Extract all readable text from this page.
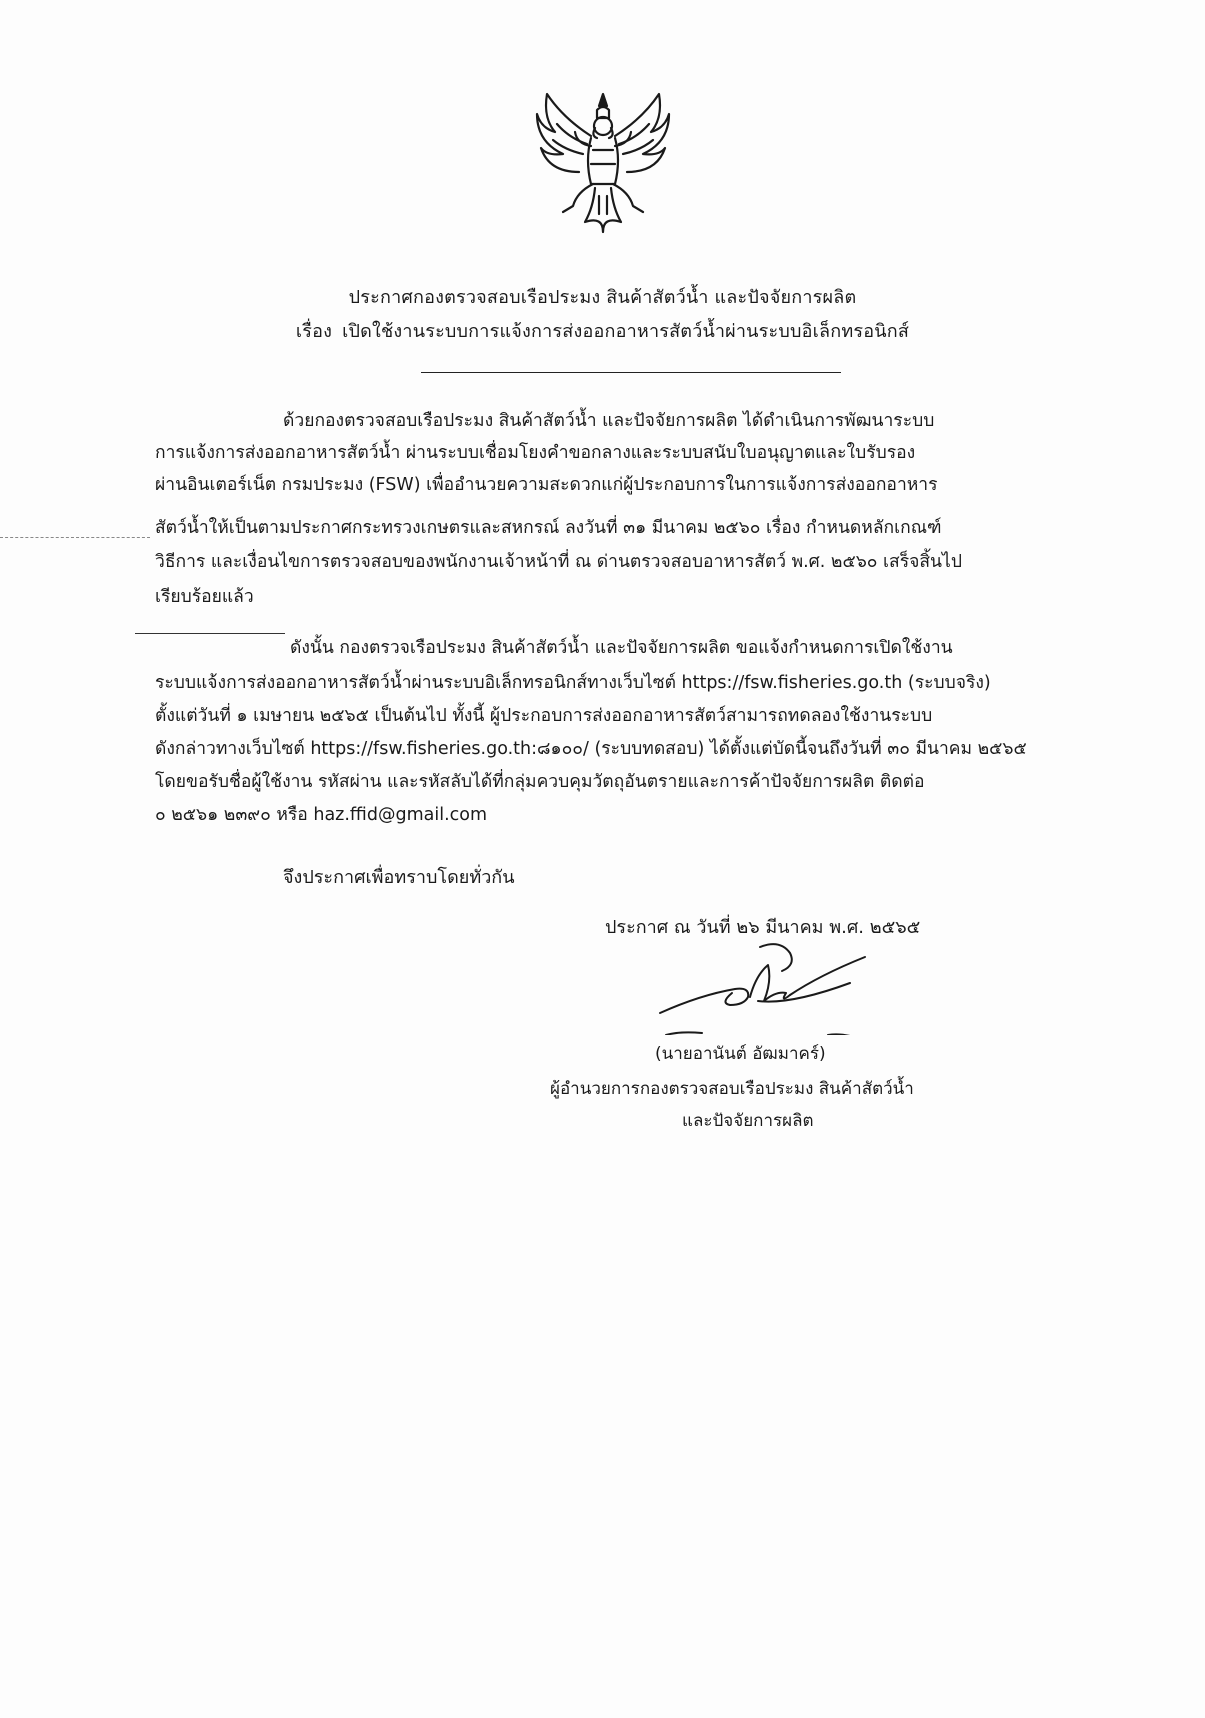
ประกาศกองตรวจสอบเรือประมง สินค้าสัตว์น้ำ และปัจจัยการผลิต
เรื่อง เปิดใช้งานระบบการแจ้งการส่งออกอาหารสัตว์น้ำผ่านระบบอิเล็กทรอนิกส์
ด้วยกองตรวจสอบเรือประมง สินค้าสัตว์น้ำ และปัจจัยการผลิต ได้ดำเนินการพัฒนาระบบ
การแจ้งการส่งออกอาหารสัตว์น้ำ ผ่านระบบเชื่อมโยงคำขอกลางและระบบสนับใบอนุญาตและใบรับรอง
ผ่านอินเตอร์เน็ต กรมประมง (FSW) เพื่ออำนวยความสะดวกแก่ผู้ประกอบการในการแจ้งการส่งออกอาหาร
สัตว์น้ำให้เป็นตามประกาศกระทรวงเกษตรและสหกรณ์ ลงวันที่ ๓๑ มีนาคม ๒๕๖๐ เรื่อง กำหนดหลักเกณฑ์
วิธีการ และเงื่อนไขการตรวจสอบของพนักงานเจ้าหน้าที่ ณ ด่านตรวจสอบอาหารสัตว์ พ.ศ. ๒๕๖๐ เสร็จสิ้นไป
เรียบร้อยแล้ว
ดังนั้น กองตรวจเรือประมง สินค้าสัตว์น้ำ และปัจจัยการผลิต ขอแจ้งกำหนดการเปิดใช้งาน
ระบบแจ้งการส่งออกอาหารสัตว์น้ำผ่านระบบอิเล็กทรอนิกส์ทางเว็บไซต์ https://fsw.fisheries.go.th (ระบบจริง)
ตั้งแต่วันที่ ๑ เมษายน ๒๕๖๕ เป็นต้นไป ทั้งนี้ ผู้ประกอบการส่งออกอาหารสัตว์สามารถทดลองใช้งานระบบ
ดังกล่าวทางเว็บไซต์ https://fsw.fisheries.go.th:๘๑๐๐/ (ระบบทดสอบ) ได้ตั้งแต่บัดนี้จนถึงวันที่ ๓๐ มีนาคม ๒๕๖๕
โดยขอรับชื่อผู้ใช้งาน รหัสผ่าน และรหัสลับได้ที่กลุ่มควบคุมวัตถุอันตรายและการค้าปัจจัยการผลิต ติดต่อ
๐ ๒๕๖๑ ๒๓๙๐ หรือ haz.ffid@gmail.com
จึงประกาศเพื่อทราบโดยทั่วกัน
ประกาศ ณ วันที่ ๒๖ มีนาคม พ.ศ. ๒๕๖๕
(นายอานันต์ อัฒมาคร์)
ผู้อำนวยการกองตรวจสอบเรือประมง สินค้าสัตว์น้ำ
และปัจจัยการผลิต
